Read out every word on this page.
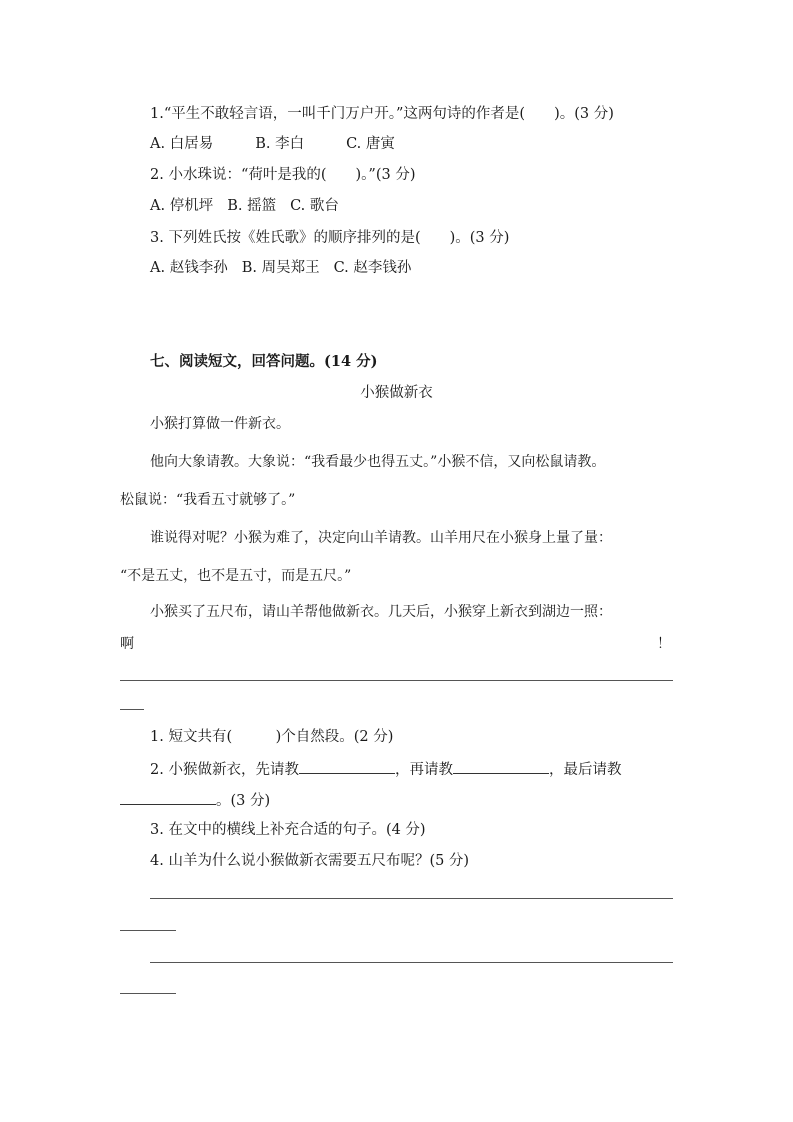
1.“平生不敢轻言语，一叫千门万户开。”这两句诗的作者是(　　)。(3 分)
A. 白居易	B. 李白	C. 唐寅
2. 小水珠说：“荷叶是我的(　　)。”(3 分)
A. 停机坪 B. 摇篮 C. 歌台
3. 下列姓氏按《姓氏歌》的顺序排列的是(　　)。(3 分)
A. 赵钱李孙 B. 周吴郑王 C. 赵李钱孙
七、阅读短文，回答问题。(14 分)
小猴做新衣
小猴打算做一件新衣。
他向大象请教。大象说：“我看最少也得五丈。”小猴不信，又向松鼠请教。
松鼠说：“我看五寸就够了。”
谁说得对呢？小猴为难了，决定向山羊请教。山羊用尺在小猴身上量了量：
“不是五丈，也不是五寸，而是五尺。”
小猴买了五尺布，请山羊帮他做新衣。几天后，小猴穿上新衣到湖边一照：
啊	！
1. 短文共有(　　　)个自然段。(2 分)
2. 小猴做新衣，先请教	，再请教	，最后请教
。(3 分)
3. 在文中的横线上补充合适的句子。(4 分)
4. 山羊为什么说小猴做新衣需要五尺布呢？(5 分)
